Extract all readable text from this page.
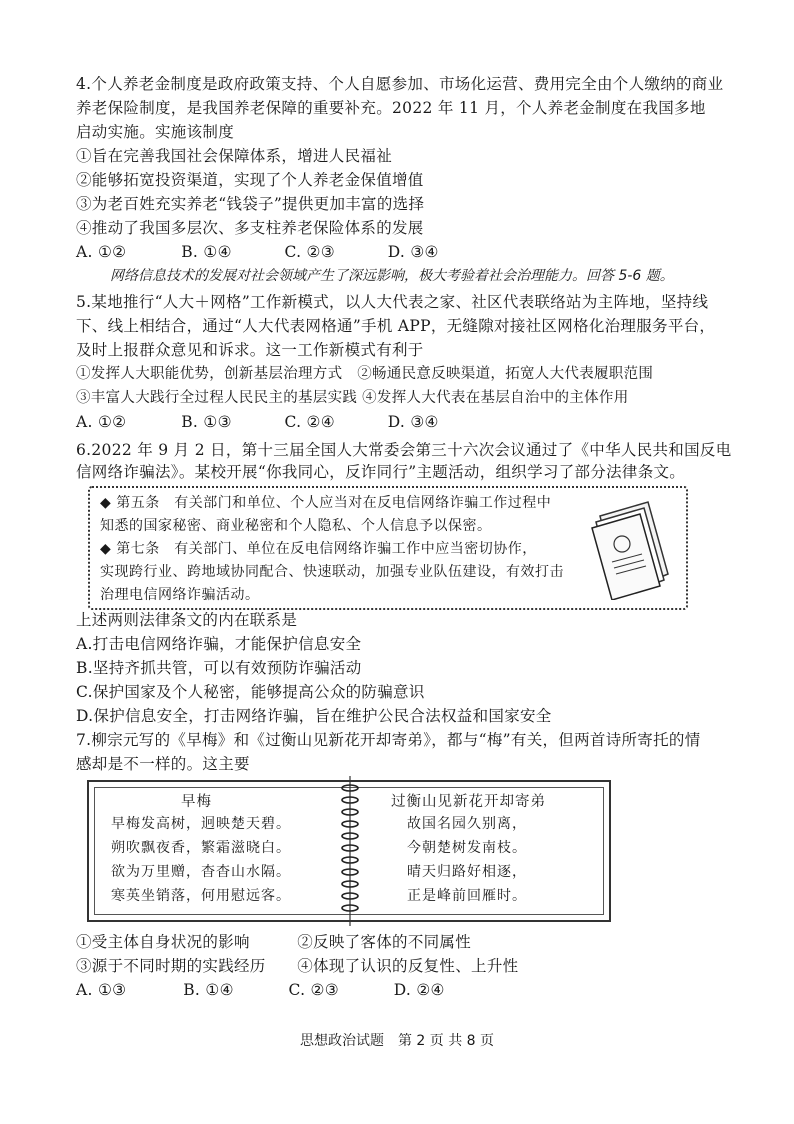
4.个人养老金制度是政府政策支持、个人自愿参加、市场化运营、费用完全由个人缴纳的商业
养老保险制度，是我国养老保障的重要补充。2022 年 11 月，个人养老金制度在我国多地
启动实施。实施该制度
①旨在完善我国社会保障体系，增进人民福祉
②能够拓宽投资渠道，实现了个人养老金保值增值
③为老百姓充实养老“钱袋子”提供更加丰富的选择
④推动了我国多层次、多支柱养老保险体系的发展
A. ①②	B. ①④	C. ②③	D. ③④
网络信息技术的发展对社会领域产生了深远影响，极大考验着社会治理能力。回答 5-6 题。
5.某地推行“人大＋网格”工作新模式，以人大代表之家、社区代表联络站为主阵地，坚持线
下、线上相结合，通过“人大代表网格通”手机 APP，无缝隙对接社区网格化治理服务平台，
及时上报群众意见和诉求。这一工作新模式有利于
①发挥人大职能优势，创新基层治理方式　②畅通民意反映渠道，拓宽人大代表履职范围
③丰富人大践行全过程人民民主的基层实践 ④发挥人大代表在基层自治中的主体作用
A. ①②	B. ①③	C. ②④	D. ③④
6.2022 年 9 月 2 日，第十三届全国人大常委会第三十六次会议通过了《中华人民共和国反电
信网络诈骗法》。某校开展“你我同心，反诈同行”主题活动，组织学习了部分法律条文。
◆ 第五条　有关部门和单位、个人应当对在反电信网络诈骗工作过程中
知悉的国家秘密、商业秘密和个人隐私、个人信息予以保密。
◆ 第七条　有关部门、单位在反电信网络诈骗工作中应当密切协作，
实现跨行业、跨地域协同配合、快速联动，加强专业队伍建设，有效打击
治理电信网络诈骗活动。
上述两则法律条文的内在联系是
A.打击电信网络诈骗，才能保护信息安全
B.坚持齐抓共管，可以有效预防诈骗活动
C.保护国家及个人秘密，能够提高公众的防骗意识
D.保护信息安全，打击网络诈骗，旨在维护公民合法权益和国家安全
7.柳宗元写的《早梅》和《过衡山见新花开却寄弟》，都与“梅”有关，但两首诗所寄托的情
感却是不一样的。这主要
早梅
早梅发高树，迥映楚天碧。
朔吹飘夜香，繁霜滋晓白。
欲为万里赠，杳杳山水隔。
寒英坐销落，何用慰远客。
过衡山见新花开却寄弟
故国名园久别离，
今朝楚树发南枝。
晴天归路好相逐，
正是峰前回雁时。
①受主体自身状况的影响	②反映了客体的不同属性
③源于不同时期的实践经历 ④体现了认识的反复性、上升性
A. ①③	B. ①④	C. ②③	D. ②④
思想政治试题　第 2 页 共 8 页
